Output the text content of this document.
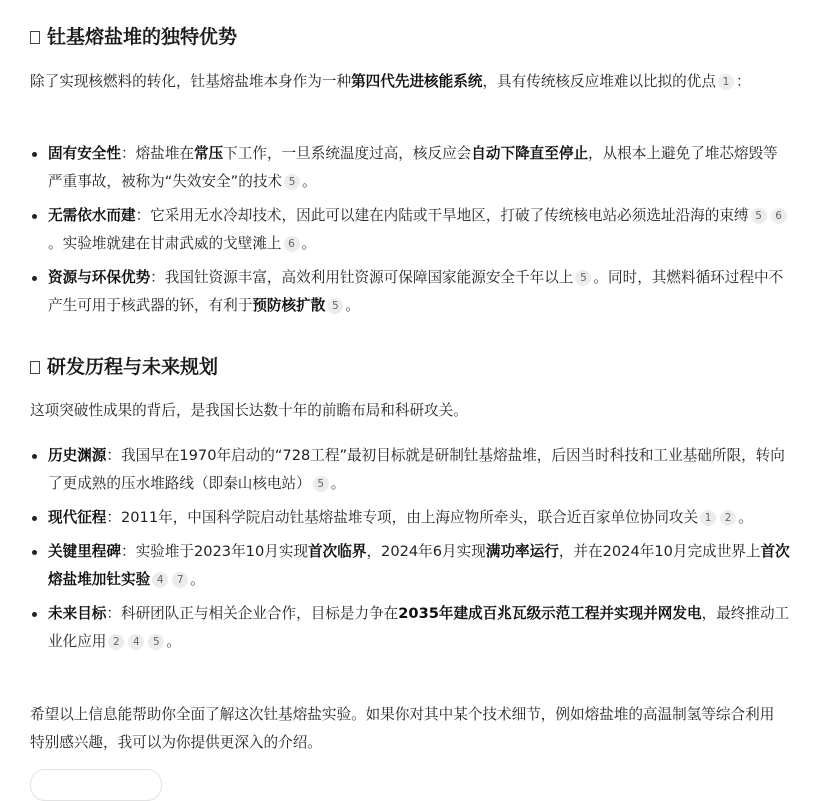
钍基熔盐堆的独特优势
除了实现核燃料的转化，钍基熔盐堆本身作为一种第四代先进核能系统，具有传统核反应堆难以比拟的优点 1 ：
固有安全性：熔盐堆在常压下工作，一旦系统温度过高，核反应会自动下降直至停止，从根本上避免了堆芯熔毁等严重事故，被称为“失效安全”的技术 5 。
无需依水而建：它采用无水冷却技术，因此可以建在内陆或干旱地区，打破了传统核电站必须选址沿海的束缚 5 6。实验堆就建在甘肃武威的戈壁滩上 6 。
资源与环保优势：我国钍资源丰富，高效利用钍资源可保障国家能源安全千年以上 5 。同时，其燃料循环过程中不产生可用于核武器的钚，有利于预防核扩散 5 。
研发历程与未来规划
这项突破性成果的背后，是我国长达数十年的前瞻布局和科研攻关。
历史渊源：我国早在1970年启动的“728工程”最初目标就是研制钍基熔盐堆，后因当时科技和工业基础所限，转向了更成熟的压水堆路线（即秦山核电站） 5 。
现代征程：2011年，中国科学院启动钍基熔盐堆专项，由上海应物所牵头，联合近百家单位协同攻关 1 2 。
关键里程碑：实验堆于2023年10月实现首次临界，2024年6月实现满功率运行，并在2024年10月完成世界上首次熔盐堆加钍实验 4 7 。
未来目标：科研团队正与相关企业合作，目标是力争在2035年建成百兆瓦级示范工程并实现并网发电，最终推动工业化应用 2 4 5 。
希望以上信息能帮助你全面了解这次钍基熔盐实验。如果你对其中某个技术细节，例如熔盐堆的高温制氢等综合利用特别感兴趣，我可以为你提供更深入的介绍。
